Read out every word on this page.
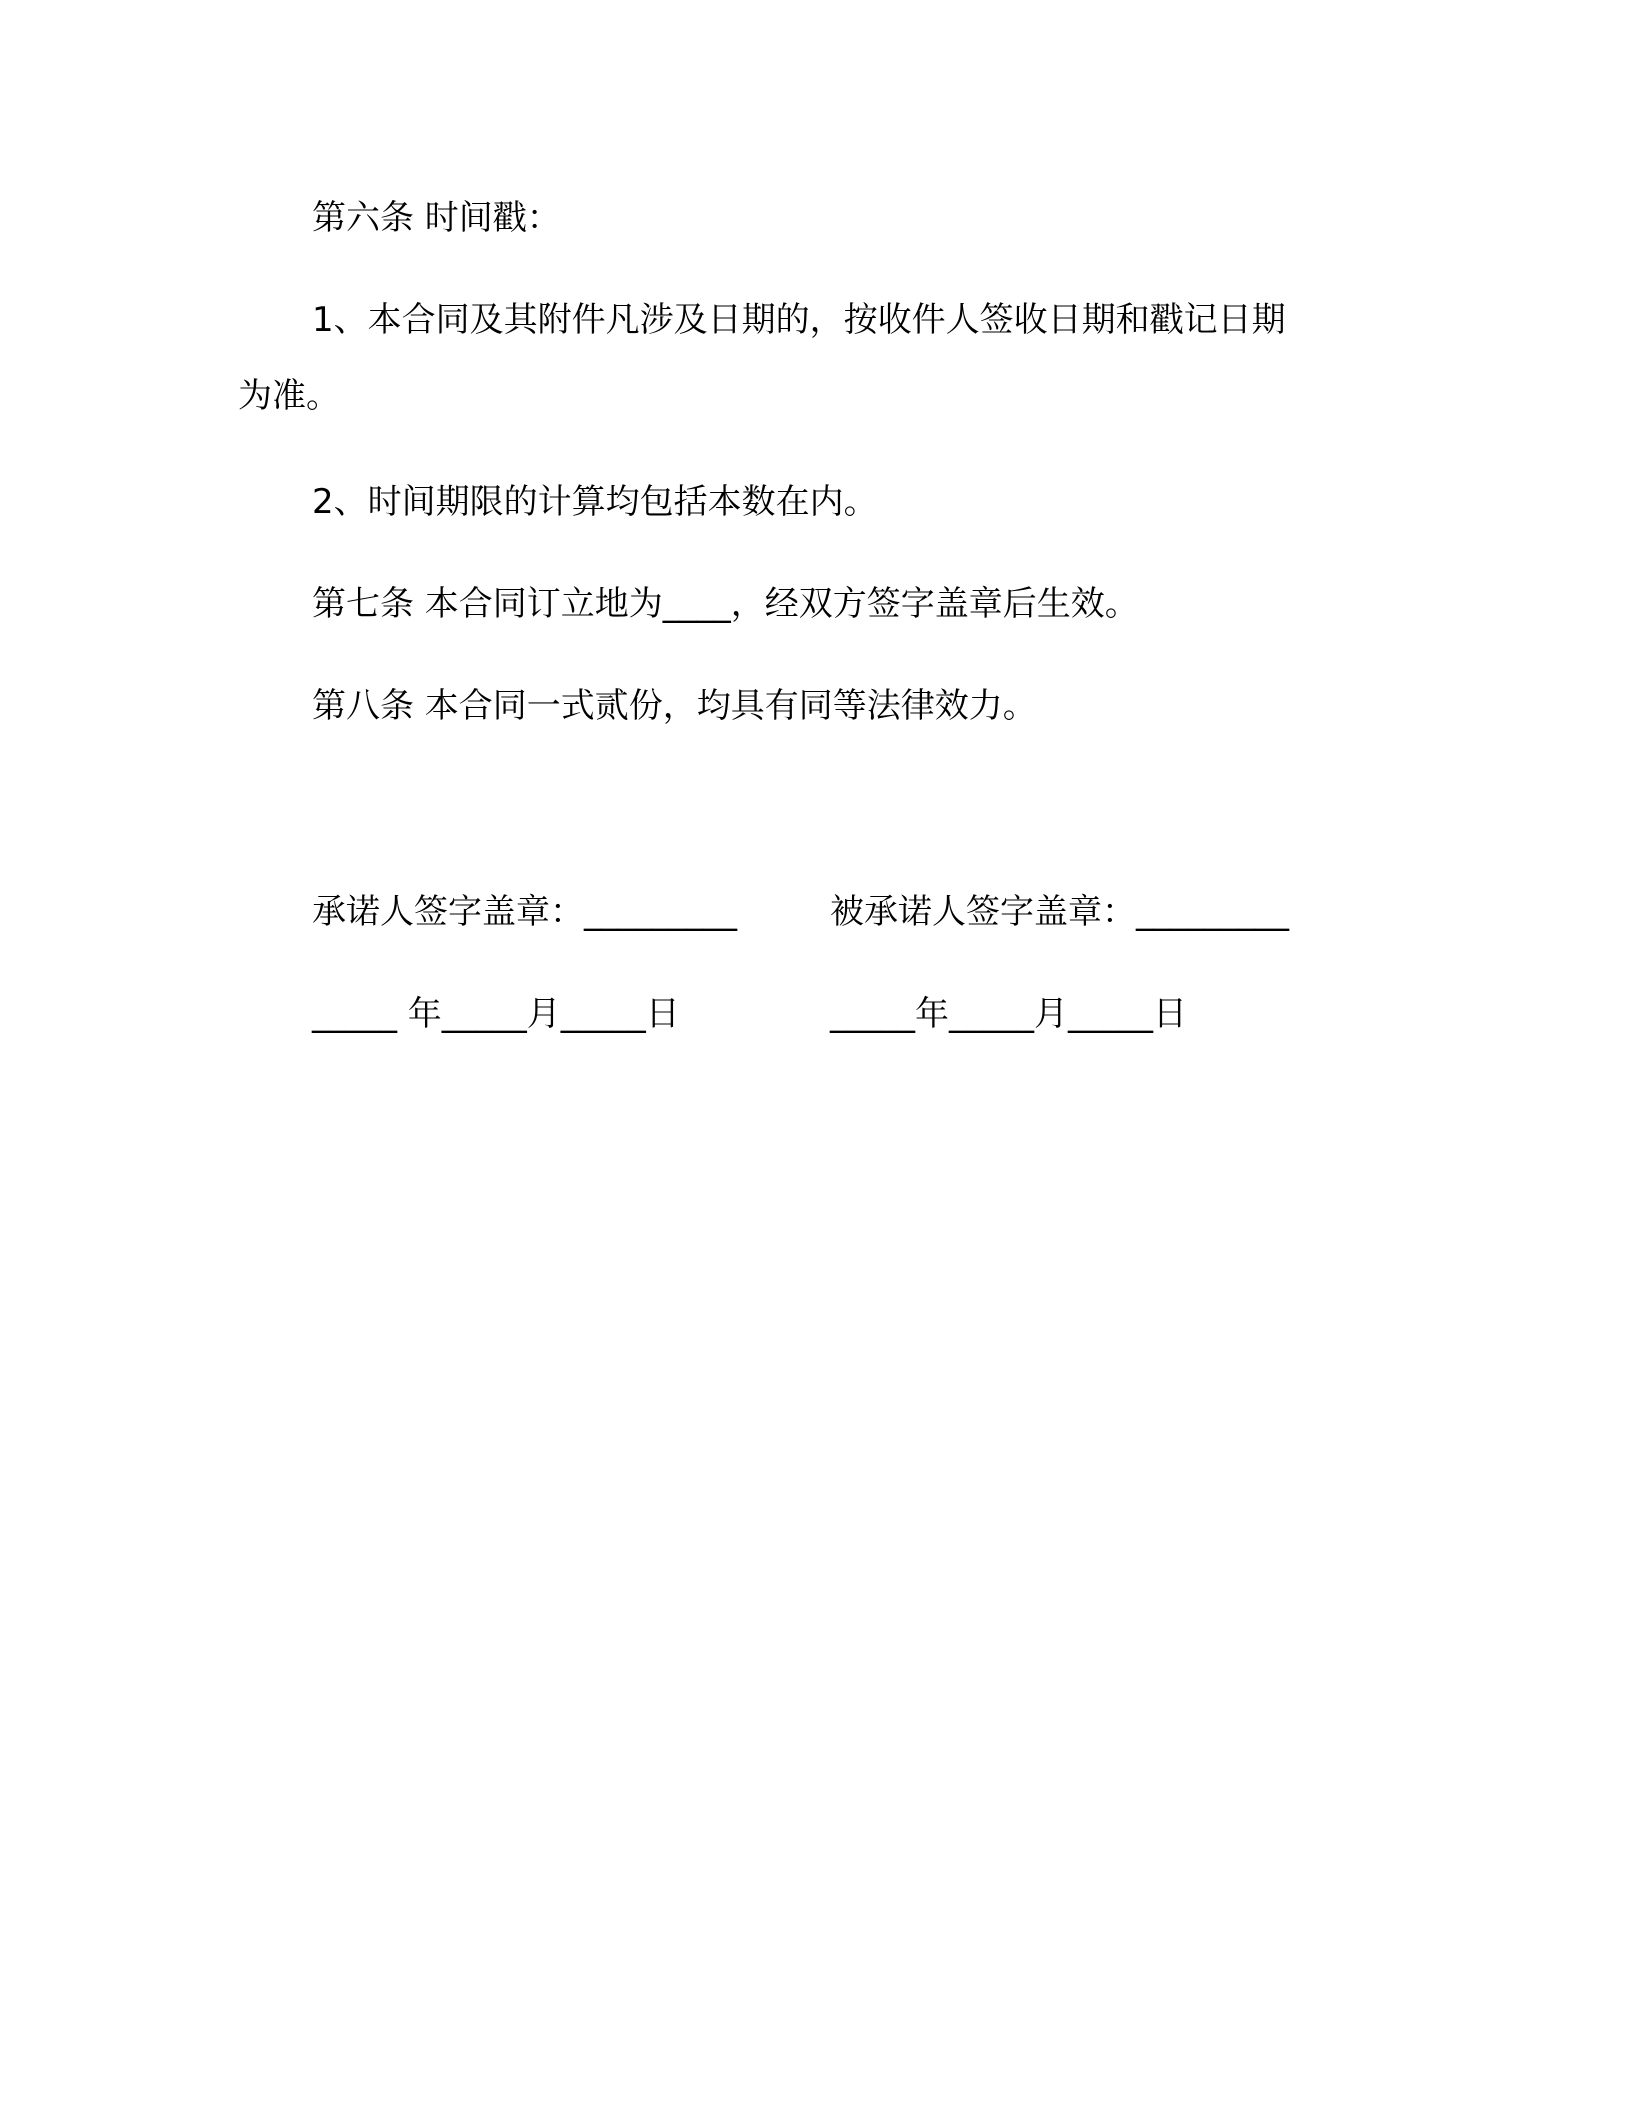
第六条 时间戳：
1、本合同及其附件凡涉及日期的，按收件人签收日期和戳记日期
为准。
2、时间期限的计算均包括本数在内。
第七条 本合同订立地为____，经双方签字盖章后生效。
第八条 本合同一式贰份，均具有同等法律效力。
承诺人签字盖章：_________	被承诺人签字盖章：_________
_____ 年_____月_____日	_____年_____月_____日
